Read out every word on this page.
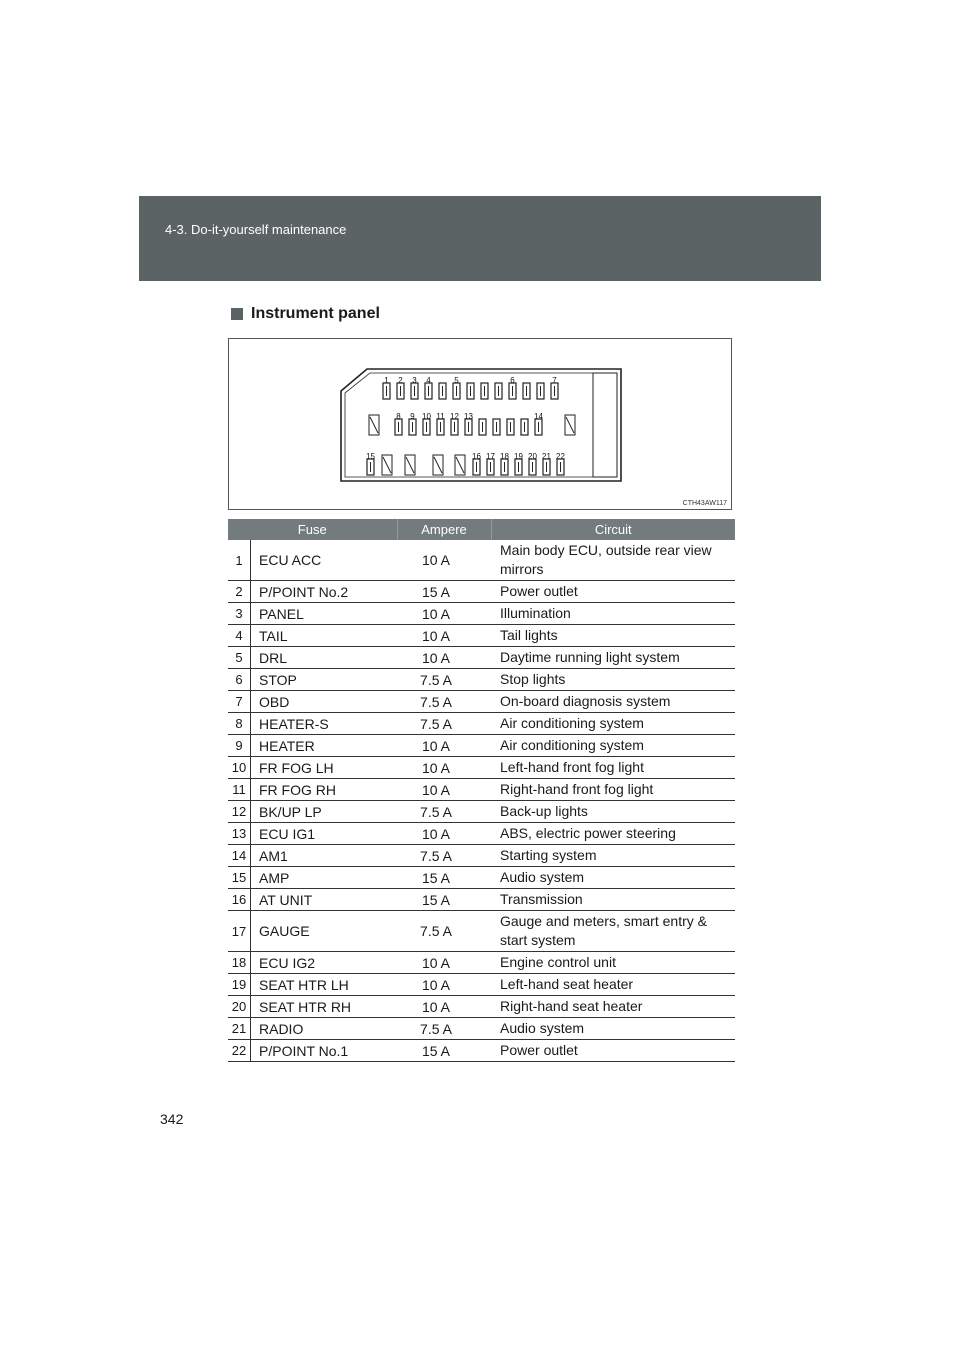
4-3. Do-it-yourself maintenance
Instrument panel
1 2 3 4	5	6	7
8 9 10 11 12 13	14
15	16 17 18 19 20 21 22
CTH43AW117
Fuse		Ampere	Circuit
1	ECU ACC	10 A	Main body ECU, outside rear view mirrors
2	P/POINT No.2	15 A	Power outlet
3	PANEL	10 A	Illumination
4	TAIL	10 A	Tail lights
5	DRL	10 A	Daytime running light system
6	STOP	7.5 A	Stop lights
7	OBD	7.5 A	On-board diagnosis system
8	HEATER-S	7.5 A	Air conditioning system
9	HEATER	10 A	Air conditioning system
10	FR FOG LH	10 A	Left-hand front fog light
11	FR FOG RH	10 A	Right-hand front fog light
12	BK/UP LP	7.5 A	Back-up lights
13	ECU IG1	10 A	ABS, electric power steering
14	AM1	7.5 A	Starting system
15	AMP	15 A	Audio system
16	AT UNIT	15 A	Transmission
17	GAUGE	7.5 A	Gauge and meters, smart entry & start system
18	ECU IG2	10 A	Engine control unit
19	SEAT HTR LH	10 A	Left-hand seat heater
20	SEAT HTR RH	10 A	Right-hand seat heater
21	RADIO	7.5 A	Audio system
22	P/POINT No.1	15 A	Power outlet
342
